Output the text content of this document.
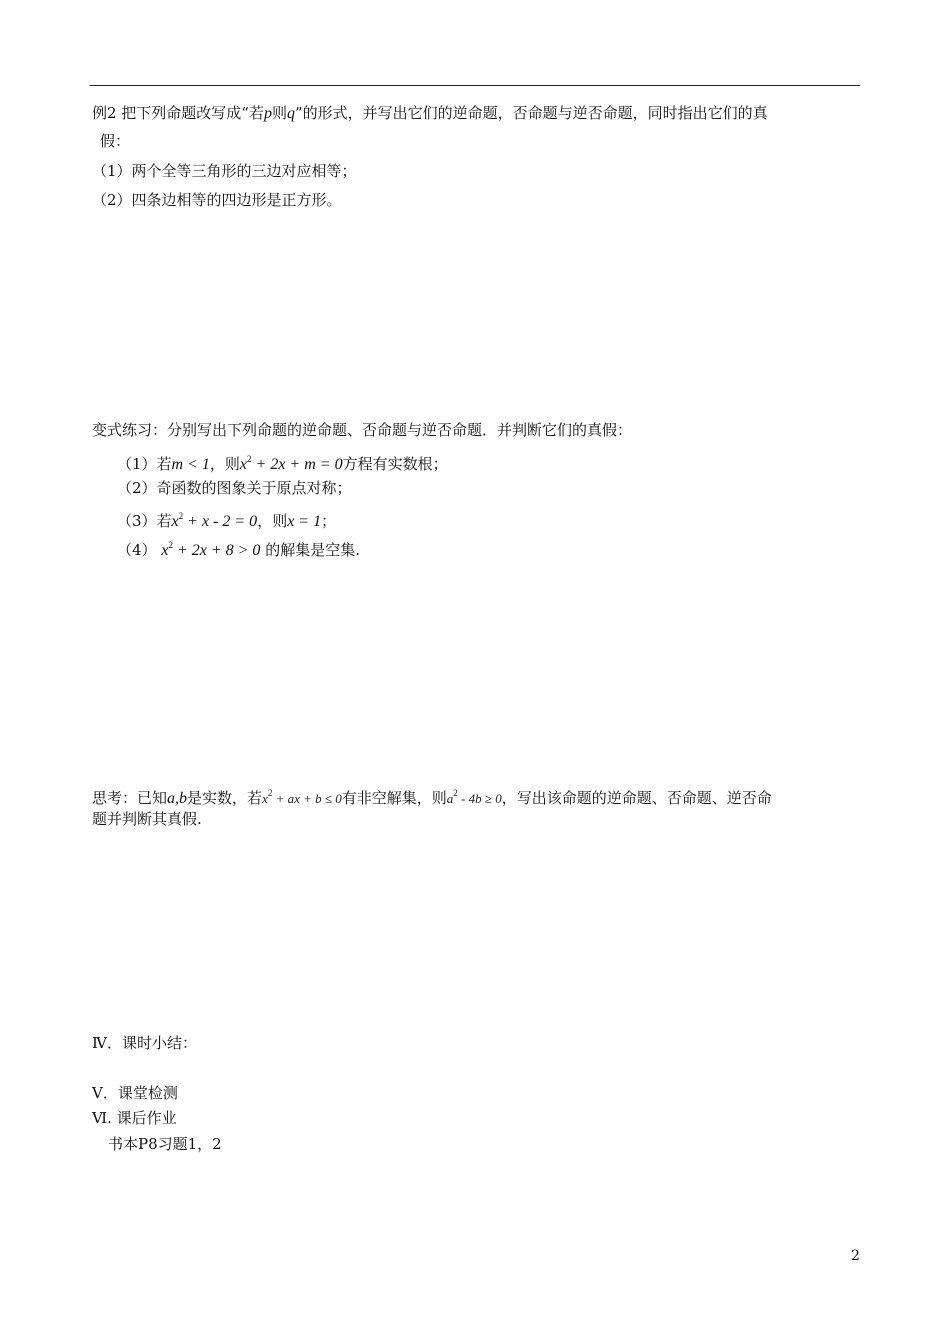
例2 把下列命题改写成“若p则q”的形式，并写出它们的逆命题，否命题与逆否命题，同时指出它们的真
假：
（1）两个全等三角形的三边对应相等；
（2）四条边相等的四边形是正方形。
变式练习：分别写出下列命题的逆命题、否命题与逆否命题．并判断它们的真假：
（1）若m < 1，则$x^2 + 2x + m = 0$方程有实数根；
（2）奇函数的图象关于原点对称；
（3）若$x^2 + x - 2 = 0$，则x = 1；
（4） $x^2 + 2x + 8 > 0$ 的解集是空集.
思考：已知a,b是实数，若$x^2$ + ax + b ≤ 0有非空解集，则$a^2 - 4b \ge 0$，写出该命题的逆命题、否命题、逆否命
题并判断其真假.
Ⅳ．课时小结：
Ⅴ．课堂检测
Ⅵ. 课后作业
书本P8习题1，2
2
